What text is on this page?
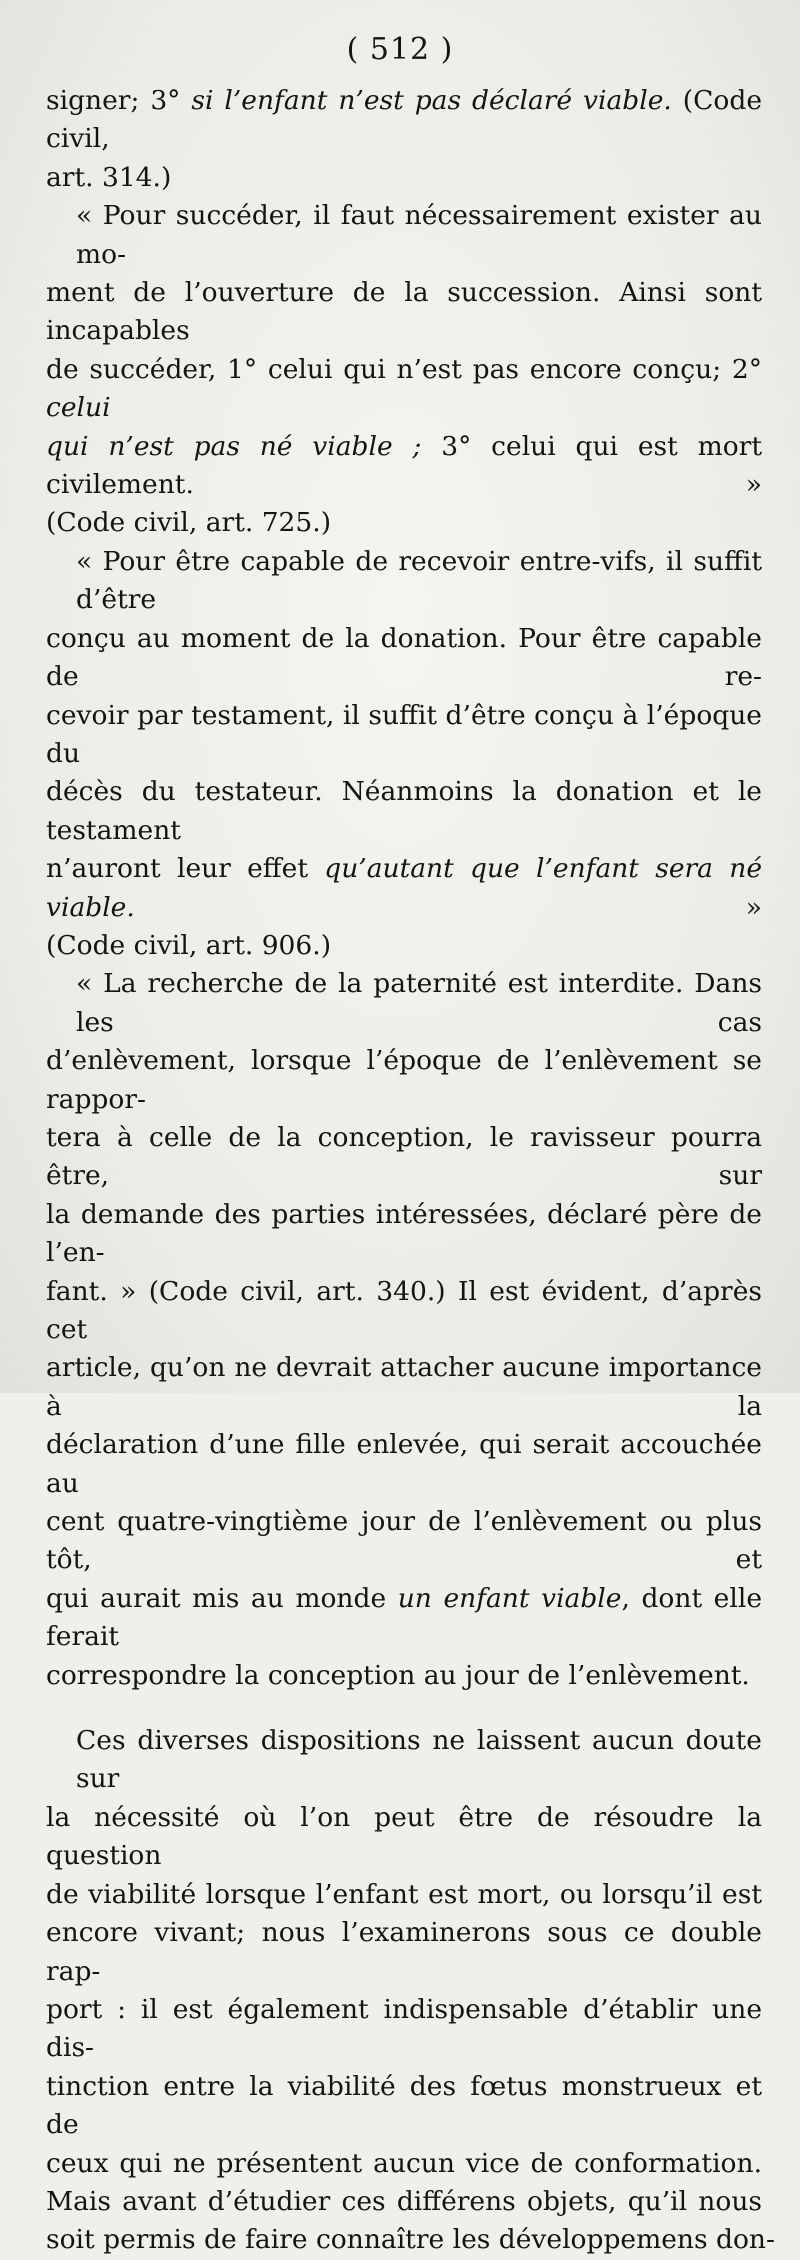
( 512 )
signer; 3° si l’enfant n’est pas déclaré viable. (Code civil,
art. 314.)
« Pour succéder, il faut nécessairement exister au mo-
ment de l’ouverture de la succession. Ainsi sont incapables
de succéder, 1° celui qui n’est pas encore conçu; 2° celui
qui n’est pas né viable ; 3° celui qui est mort civilement. »
(Code civil, art. 725.)
« Pour être capable de recevoir entre-vifs, il suffit d’être
conçu au moment de la donation. Pour être capable de re-
cevoir par testament, il suffit d’être conçu à l’époque du
décès du testateur. Néanmoins la donation et le testament
n’auront leur effet qu’autant que l’enfant sera né viable. »
(Code civil, art. 906.)
« La recherche de la paternité est interdite. Dans les cas
d’enlèvement, lorsque l’époque de l’enlèvement se rappor-
tera à celle de la conception, le ravisseur pourra être, sur
la demande des parties intéressées, déclaré père de l’en-
fant. » (Code civil, art. 340.) Il est évident, d’après cet
article, qu’on ne devrait attacher aucune importance à la
déclaration d’une fille enlevée, qui serait accouchée au
cent quatre-vingtième jour de l’enlèvement ou plus tôt, et
qui aurait mis au monde un enfant viable, dont elle ferait
correspondre la conception au jour de l’enlèvement.
Ces diverses dispositions ne laissent aucun doute sur
la nécessité où l’on peut être de résoudre la question
de viabilité lorsque l’enfant est mort, ou lorsqu’il est
encore vivant; nous l’examinerons sous ce double rap-
port : il est également indispensable d’établir une dis-
tinction entre la viabilité des fœtus monstrueux et de
ceux qui ne présentent aucun vice de conformation.
Mais avant d’étudier ces différens objets, qu’il nous
soit permis de faire connaître les développemens don-
